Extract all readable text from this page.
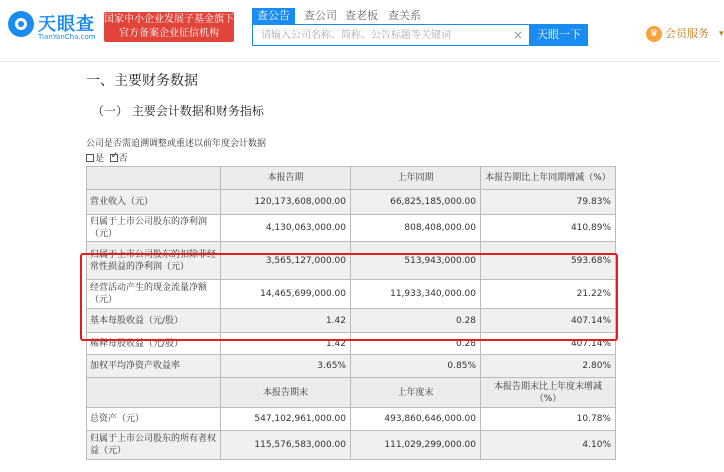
天眼查
TianYanCha.com
国家中小企业发展子基金旗下
官方备案企业征信机构
查公告	查公司 查老板 查关系
请输入公司名称、简称、公告标题等关键词
×	天眼一下	♛ 会员服务 ▾
一、主要财务数据
（一） 主要会计数据和财务指标
公司是否需追溯调整或重述以前年度会计数据
是  ✓ 否
本报告期	上年同期	本报告期比上年同期增减（%）
营业收入（元）	120,173,608,000.00	66,825,185,000.00	79.83%
归属于上市公司股东的净利润（元）
4,130,063,000.00	808,408,000.00	410.89%
归属于上市公司股东的扣除非经常性损益的净利润（元）
3,565,127,000.00	513,943,000.00	593.68%
经营活动产生的现金流量净额（元）
14,465,699,000.00	11,933,340,000.00	21.22%
基本每股收益（元/股）	1.42	0.28	407.14%
稀释每股收益（元/股）	1.42	0.28	407.14%
加权平均净资产收益率	3.65%	0.85%	2.80%
本报告期末	上年度末
本报告期末比上年度末增减（%）
总资产（元）	547,102,961,000.00	493,860,646,000.00	10.78%
归属于上市公司股东的所有者权益（元）
115,576,583,000.00	111,029,299,000.00	4.10%
